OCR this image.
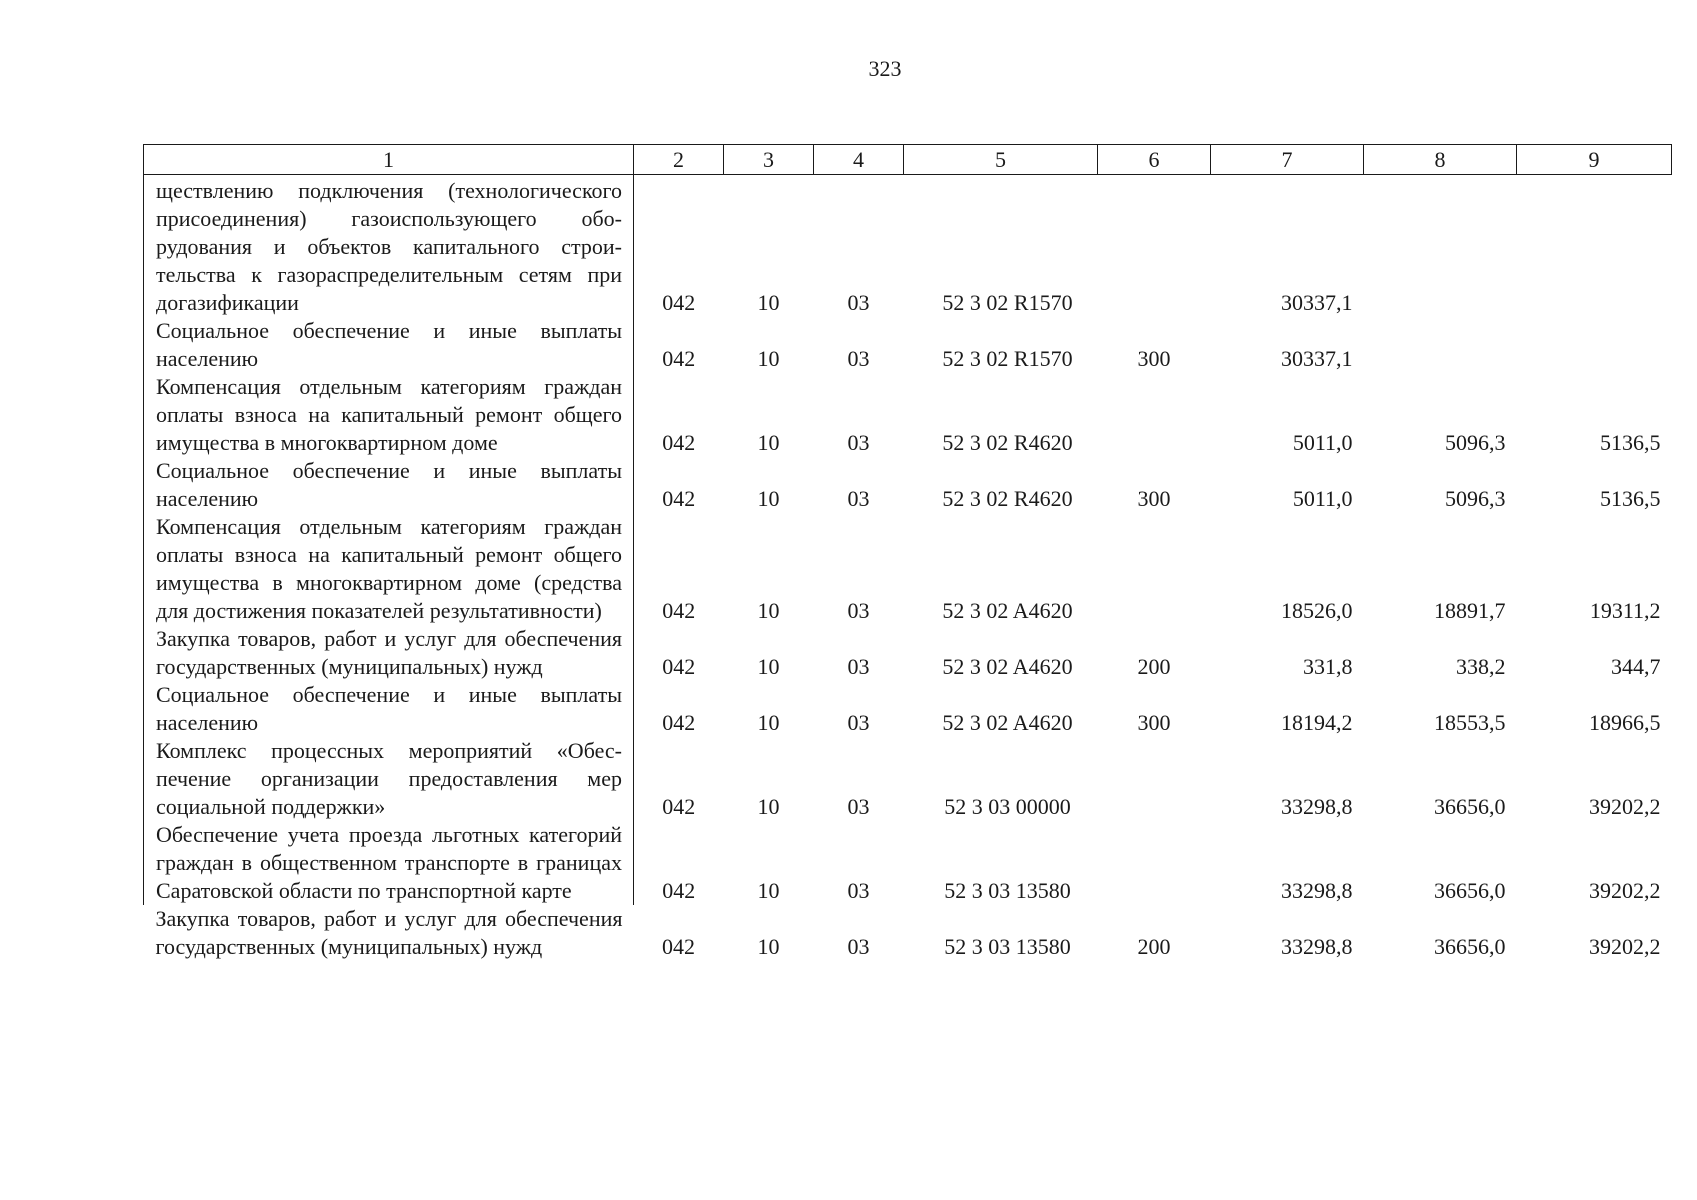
323
1	2	3	4	5	6	7	8	9
ществлению подключения (технологического присоединения) газоиспользующего оборудования и объектов капитального строительства к газораспределительным сетям при догазификации	042	10	03	52 3 02 R1570		30337,1		
Социальное обеспечение и иные выплаты населению	042	10	03	52 3 02 R1570	300	30337,1		
Компенсация отдельным категориям граждан оплаты взноса на капитальный ремонт общего имущества в многоквартирном доме	042	10	03	52 3 02 R4620		5011,0	5096,3	5136,5
Социальное обеспечение и иные выплаты населению	042	10	03	52 3 02 R4620	300	5011,0	5096,3	5136,5
Компенсация отдельным категориям граждан оплаты взноса на капитальный ремонт общего имущества в многоквартирном доме (средства для достижения показателей результативности)	042	10	03	52 3 02 A4620		18526,0	18891,7	19311,2
Закупка товаров, работ и услуг для обеспечения государственных (муниципальных) нужд	042	10	03	52 3 02 A4620	200	331,8	338,2	344,7
Социальное обеспечение и иные выплаты населению	042	10	03	52 3 02 A4620	300	18194,2	18553,5	18966,5
Комплекс процессных мероприятий «Обеспечение организации предоставления мер социальной поддержки»	042	10	03	52 3 03 00000		33298,8	36656,0	39202,2
Обеспечение учета проезда льготных категорий граждан в общественном транспорте в границах Саратовской области по транспортной карте	042	10	03	52 3 03 13580		33298,8	36656,0	39202,2
Закупка товаров, работ и услуг для обеспечения государственных (муниципальных) нужд	042	10	03	52 3 03 13580	200	33298,8	36656,0	39202,2
